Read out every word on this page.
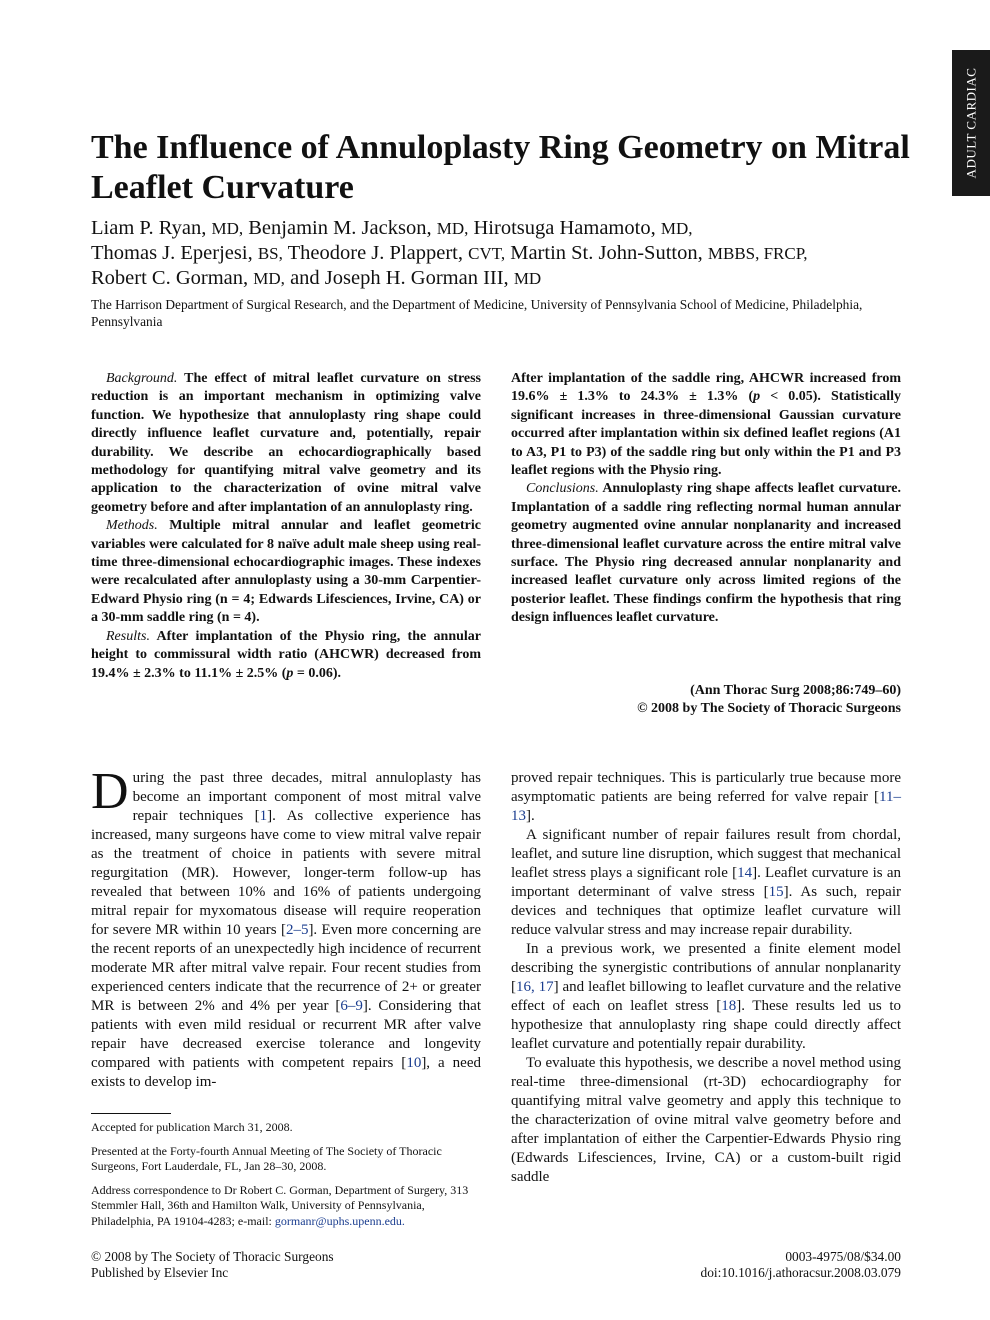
ADULT CARDIAC
The Influence of Annuloplasty Ring Geometry on Mitral Leaflet Curvature
Liam P. Ryan, MD, Benjamin M. Jackson, MD, Hirotsuga Hamamoto, MD,
Thomas J. Eperjesi, BS, Theodore J. Plappert, CVT, Martin St. John-Sutton, MBBS, FRCP,
Robert C. Gorman, MD, and Joseph H. Gorman III, MD

The Harrison Department of Surgical Research, and the Department of Medicine, University of Pennsylvania School of Medicine, Philadelphia, Pennsylvania

Background. The effect of mitral leaflet curvature on stress reduction is an important mechanism in optimizing valve function. We hypothesize that annuloplasty ring shape could directly influence leaflet curvature and, potentially, repair durability. We describe an echocardiographically based methodology for quantifying mitral valve geometry and its application to the characterization of ovine mitral valve geometry before and after implantation of an annuloplasty ring.

Methods. Multiple mitral annular and leaflet geometric variables were calculated for 8 naïve adult male sheep using real-time three-dimensional echocardiographic images. These indexes were recalculated after annuloplasty using a 30-mm Carpentier-Edward Physio ring (n = 4; Edwards Lifesciences, Irvine, CA) or a 30-mm saddle ring (n = 4).

Results. After implantation of the Physio ring, the annular height to commissural width ratio (AHCWR) decreased from 19.4% ± 2.3% to 11.1% ± 2.5% (p = 0.06).

After implantation of the saddle ring, AHCWR increased from 19.6% ± 1.3% to 24.3% ± 1.3% (p < 0.05). Statistically significant increases in three-dimensional Gaussian curvature occurred after implantation within six defined leaflet regions (A1 to A3, P1 to P3) of the saddle ring but only within the P1 and P3 leaflet regions with the Physio ring.

Conclusions. Annuloplasty ring shape affects leaflet curvature. Implantation of a saddle ring reflecting normal human annular geometry augmented ovine annular nonplanarity and increased three-dimensional leaflet curvature across the entire mitral valve surface. The Physio ring decreased annular nonplanarity and increased leaflet curvature only across limited regions of the posterior leaflet. These findings confirm the hypothesis that ring design influences leaflet curvature.

(Ann Thorac Surg 2008;86:749–60)
© 2008 by The Society of Thoracic Surgeons

During the past three decades, mitral annuloplasty has become an important component of most mitral valve repair techniques [1]. As collective experience has increased, many surgeons have come to view mitral valve repair as the treatment of choice in patients with severe mitral regurgitation (MR). However, longer-term follow-up has revealed that between 10% and 16% of patients undergoing mitral repair for myxomatous disease will require reoperation for severe MR within 10 years [2–5]. Even more concerning are the recent reports of an unexpectedly high incidence of recurrent moderate MR after mitral valve repair. Four recent studies from experienced centers indicate that the recurrence of 2+ or greater MR is between 2% and 4% per year [6–9]. Considering that patients with even mild residual or recurrent MR after valve repair have decreased exercise tolerance and longevity compared with patients with competent repairs [10], a need exists to develop im-

proved repair techniques. This is particularly true because more asymptomatic patients are being referred for valve repair [11–13].

A significant number of repair failures result from chordal, leaflet, and suture line disruption, which suggest that mechanical leaflet stress plays a significant role [14]. Leaflet curvature is an important determinant of valve stress [15]. As such, repair devices and techniques that optimize leaflet curvature will reduce valvular stress and may increase repair durability.

In a previous work, we presented a finite element model describing the synergistic contributions of annular nonplanarity [16, 17] and leaflet billowing to leaflet curvature and the relative effect of each on leaflet stress [18]. These results led us to hypothesize that annuloplasty ring shape could directly affect leaflet curvature and potentially repair durability.

To evaluate this hypothesis, we describe a novel method using real-time three-dimensional (rt-3D) echocardiography for quantifying mitral valve geometry and apply this technique to the characterization of ovine mitral valve geometry before and after implantation of either the Carpentier-Edwards Physio ring (Edwards Lifesciences, Irvine, CA) or a custom-built rigid saddle

Accepted for publication March 31, 2008.

Presented at the Forty-fourth Annual Meeting of The Society of Thoracic Surgeons, Fort Lauderdale, FL, Jan 28–30, 2008.

Address correspondence to Dr Robert C. Gorman, Department of Surgery, 313 Stemmler Hall, 36th and Hamilton Walk, University of Pennsylvania, Philadelphia, PA 19104-4283; e-mail: gormanr@uphs.upenn.edu.

© 2008 by The Society of Thoracic Surgeons
Published by Elsevier Inc
0003-4975/08/$34.00
doi:10.1016/j.athoracsur.2008.03.079
